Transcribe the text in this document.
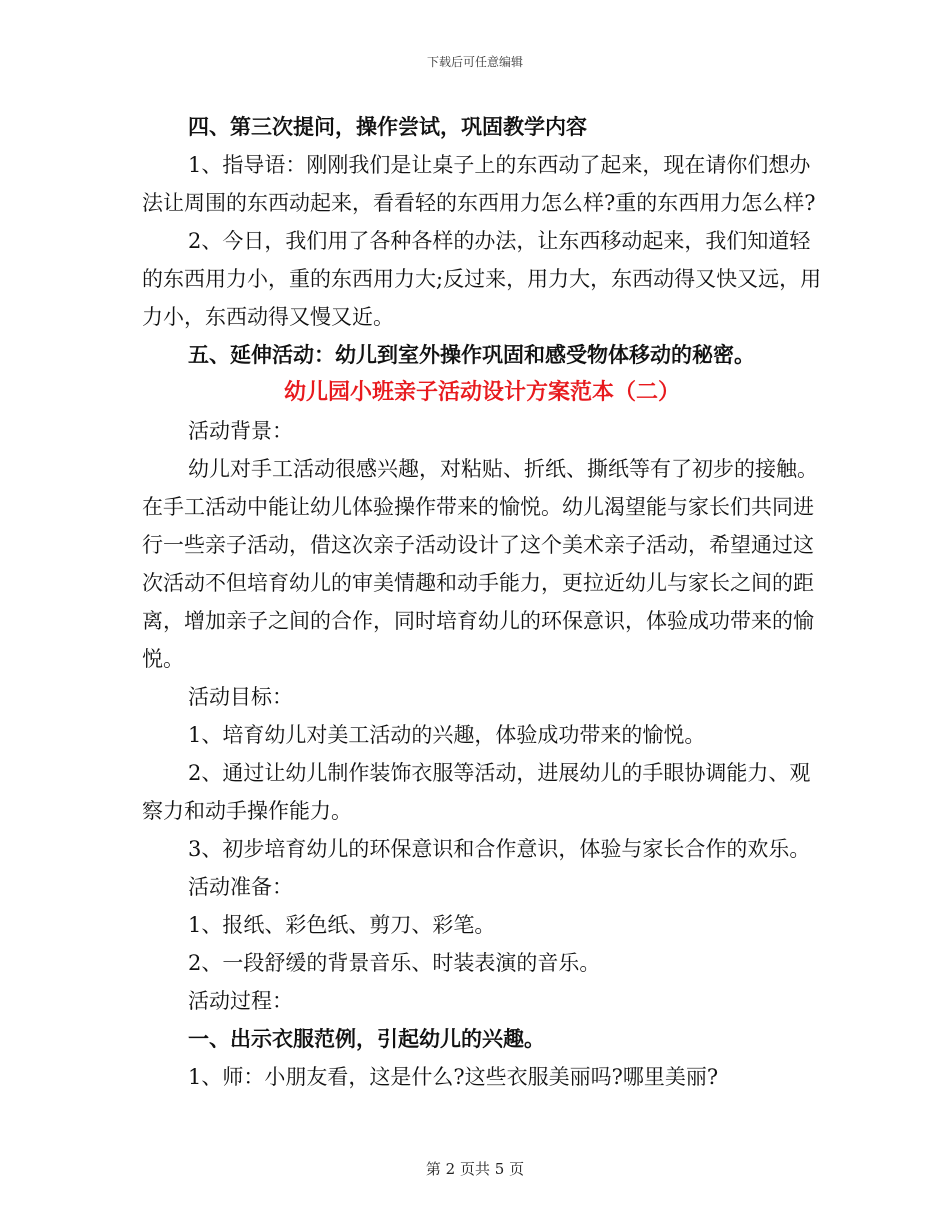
下载后可任意编辑

四、第三次提问，操作尝试，巩固教学内容

1、指导语：刚刚我们是让桌子上的东西动了起来，现在请你们想办法让周围的东西动起来，看看轻的东西用力怎么样?重的东西用力怎么样?

2、今日，我们用了各种各样的办法，让东西移动起来，我们知道轻的东西用力小，重的东西用力大;反过来，用力大，东西动得又快又远，用力小，东西动得又慢又近。

五、延伸活动：幼儿到室外操作巩固和感受物体移动的秘密。

幼儿园小班亲子活动设计方案范本（二）

活动背景：

幼儿对手工活动很感兴趣，对粘贴、折纸、撕纸等有了初步的接触。在手工活动中能让幼儿体验操作带来的愉悦。幼儿渴望能与家长们共同进行一些亲子活动，借这次亲子活动设计了这个美术亲子活动，希望通过这次活动不但培育幼儿的审美情趣和动手能力，更拉近幼儿与家长之间的距离，增加亲子之间的合作，同时培育幼儿的环保意识，体验成功带来的愉悦。

活动目标：

1、培育幼儿对美工活动的兴趣，体验成功带来的愉悦。

2、通过让幼儿制作装饰衣服等活动，进展幼儿的手眼协调能力、观察力和动手操作能力。

3、初步培育幼儿的环保意识和合作意识，体验与家长合作的欢乐。

活动准备：

1、报纸、彩色纸、剪刀、彩笔。

2、一段舒缓的背景音乐、时装表演的音乐。

活动过程：

一、出示衣服范例，引起幼儿的兴趣。

1、师：小朋友看，这是什么?这些衣服美丽吗?哪里美丽?

第 2 页共 5 页
